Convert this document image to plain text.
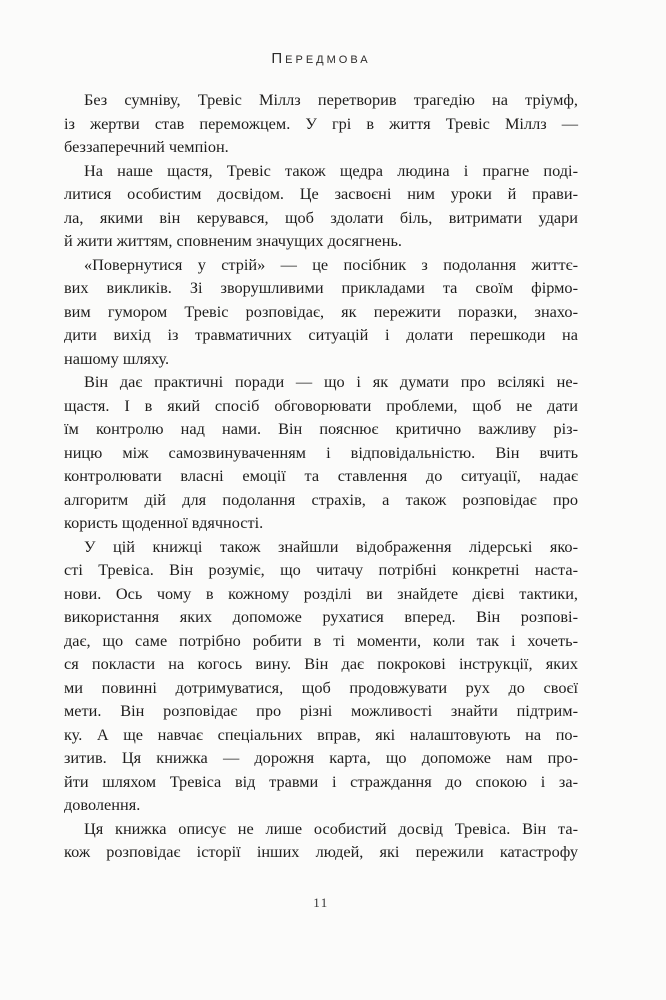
Передмова
Без сумніву, Тревіс Міллз перетворив трагедію на тріумф,
із жертви став переможцем. У грі в життя Тревіс Міллз —
беззаперечний чемпіон.
На наше щастя, Тревіс також щедра людина і прагне поді-
литися особистим досвідом. Це засвоєні ним уроки й прави-
ла, якими він керувався, щоб здолати біль, витримати удари
й жити життям, сповненим значущих досягнень.
«Повернутися у стрій» — це посібник з подолання життє-
вих викликів. Зі зворушливими прикладами та своїм фірмо-
вим гумором Тревіс розповідає, як пережити поразки, знахо-
дити вихід із травматичних ситуацій і долати перешкоди на
нашому шляху.
Він дає практичні поради — що і як думати про всілякі не-
щастя. І в який спосіб обговорювати проблеми, щоб не дати
їм контролю над нами. Він пояснює критично важливу різ-
ницю між самозвинуваченням і відповідальністю. Він вчить
контролювати власні емоції та ставлення до ситуації, надає
алгоритм дій для подолання страхів, а також розповідає про
користь щоденної вдячності.
У цій книжці також знайшли відображення лідерські яко-
сті Тревіса. Він розуміє, що читачу потрібні конкретні наста-
нови. Ось чому в кожному розділі ви знайдете дієві тактики,
використання яких допоможе рухатися вперед. Він розпові-
дає, що саме потрібно робити в ті моменти, коли так і хочеть-
ся покласти на когось вину. Він дає покрокові інструкції, яких
ми повинні дотримуватися, щоб продовжувати рух до своєї
мети. Він розповідає про різні можливості знайти підтрим-
ку. А ще навчає спеціальних вправ, які налаштовують на по-
зитив. Ця книжка — дорожня карта, що допоможе нам про-
йти шляхом Тревіса від травми і страждання до спокою і за-
доволення.
Ця книжка описує не лише особистий досвід Тревіса. Він та-
кож розповідає історії інших людей, які пережили катастрофу
11
